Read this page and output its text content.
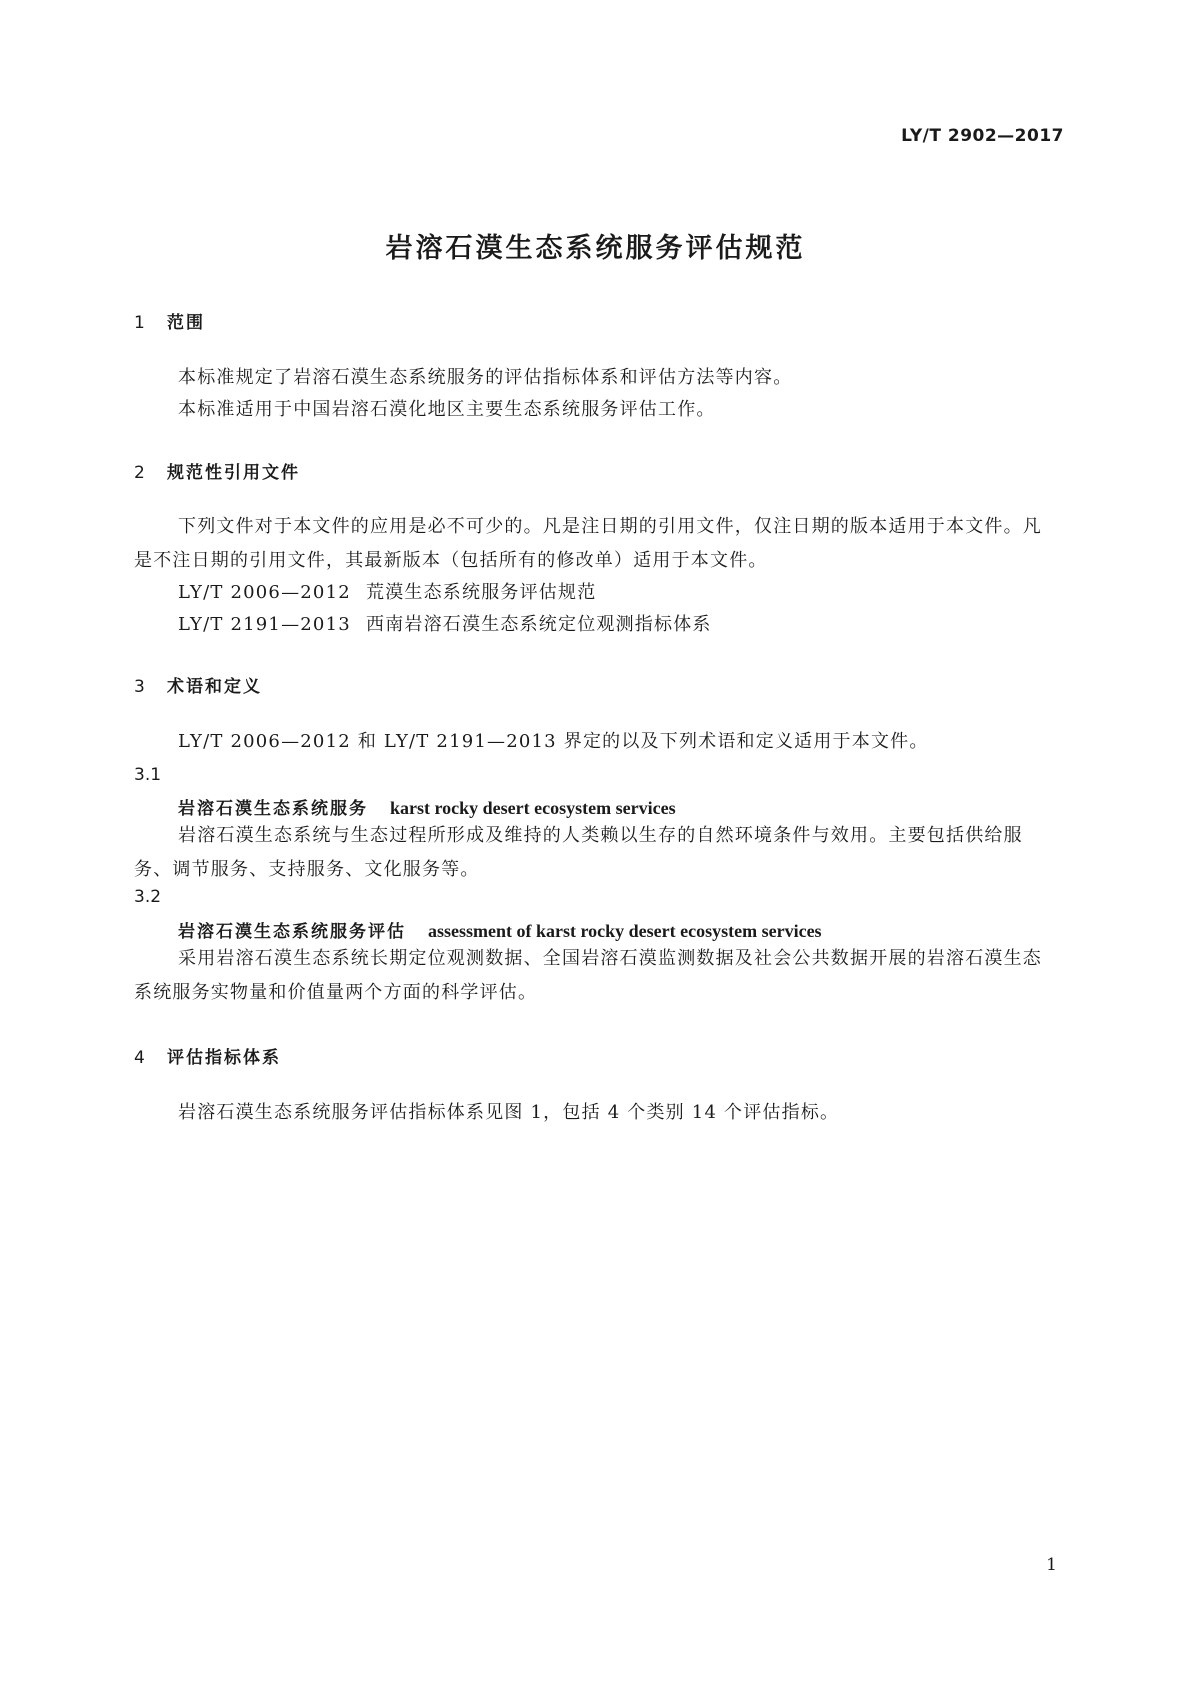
LY/T 2902—2017
岩溶石漠生态系统服务评估规范
1 范围
本标准规定了岩溶石漠生态系统服务的评估指标体系和评估方法等内容。
本标准适用于中国岩溶石漠化地区主要生态系统服务评估工作。
2 规范性引用文件
下列文件对于本文件的应用是必不可少的。凡是注日期的引用文件，仅注日期的版本适用于本文件。凡是不注日期的引用文件，其最新版本（包括所有的修改单）适用于本文件。
LY/T 2006—2012 荒漠生态系统服务评估规范
LY/T 2191—2013 西南岩溶石漠生态系统定位观测指标体系
3 术语和定义
LY/T 2006—2012 和 LY/T 2191—2013 界定的以及下列术语和定义适用于本文件。
3.1
岩溶石漠生态系统服务 karst rocky desert ecosystem services
岩溶石漠生态系统与生态过程所形成及维持的人类赖以生存的自然环境条件与效用。主要包括供给服务、调节服务、支持服务、文化服务等。
3.2
岩溶石漠生态系统服务评估 assessment of karst rocky desert ecosystem services
采用岩溶石漠生态系统长期定位观测数据、全国岩溶石漠监测数据及社会公共数据开展的岩溶石漠生态系统服务实物量和价值量两个方面的科学评估。
4 评估指标体系
岩溶石漠生态系统服务评估指标体系见图 1，包括 4 个类别 14 个评估指标。
1
